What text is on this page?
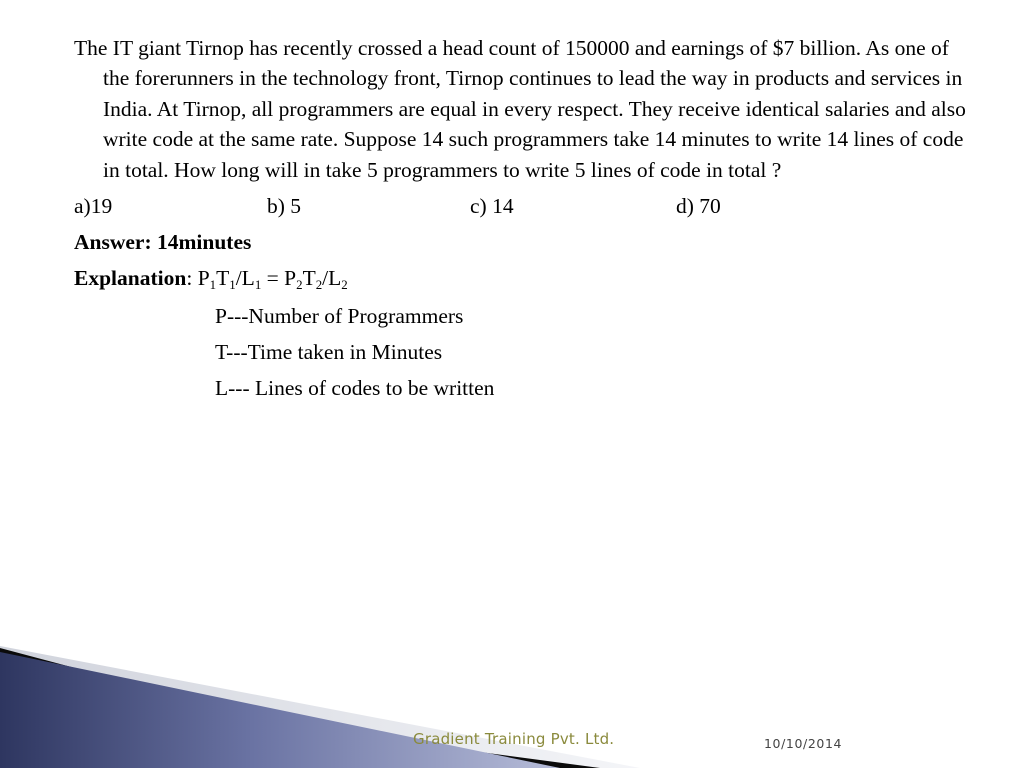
The IT giant Tirnop has recently crossed a head count of 150000 and earnings of $7 billion. As one of the forerunners in the technology front, Tirnop continues to lead the way in products and services in India. At Tirnop, all programmers are equal in every respect. They receive identical salaries and also write code at the same rate. Suppose 14 such programmers take 14 minutes to write 14 lines of code in total. How long will in take 5 programmers to write 5 lines of code in total ?

a)19	b) 5	c) 14	d) 70
Answer: 14minutes
Explanation: $P_1T_1/L_1 = P_2T_2/L_2$
P---Number of Programmers
T---Time taken in Minutes
L--- Lines of codes to be written
Gradient Training Pvt. Ltd.	10/10/2014
